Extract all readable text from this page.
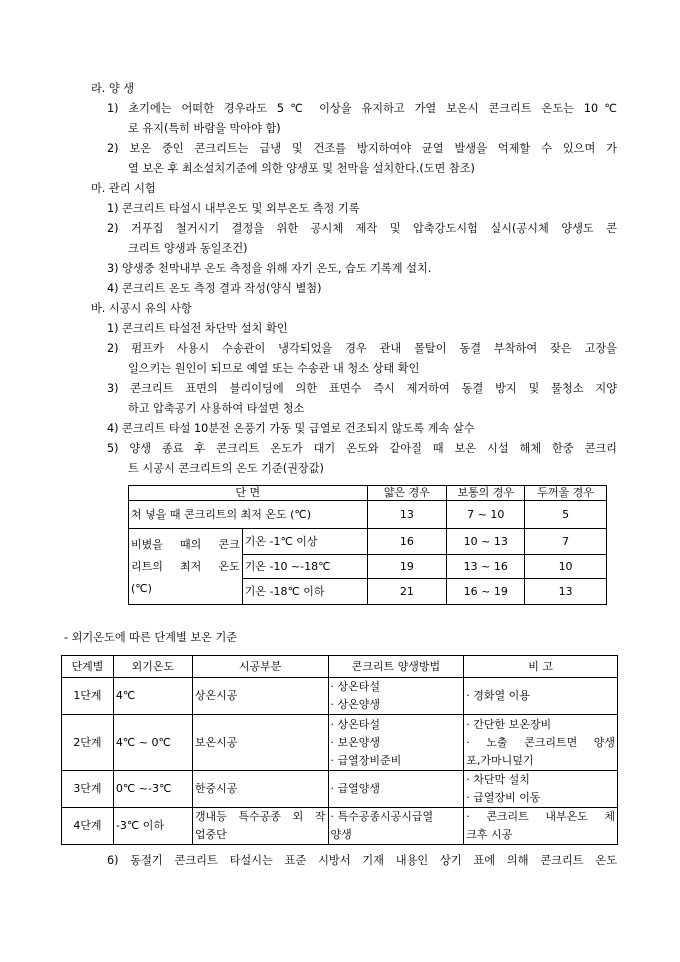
라. 양 생
1) 초기에는 어떠한 경우라도 5℃ 이상을 유지하고 가열 보온시 콘크리트 온도는 10℃
로 유지(특히 바람을 막아야 함)
2) 보온 중인 콘크리트는 급냉 및 건조를 방지하여야 균열 발생을 억제할 수 있으며 가
열 보온 후 최소설치기준에 의한 양생포 및 천막을 설치한다.(도면 참조)
마. 관리 시험
1) 콘크리트 타설시 내부온도 및 외부온도 측정 기록
2) 거푸집 철거시기 결정을 위한 공시체 제작 및 압축강도시험 실시(공시체 양생도 콘
크리트 양생과 동일조건)
3) 양생중 천막내부 온도 측정을 위해 자기 온도, 습도 기록계 설치.
4) 콘크리트 온도 측정 결과 작성(양식 별첨)
바. 시공시 유의 사항
1) 콘크리트 타설전 차단막 설치 확인
2) 펌프카 사용시 수송관이 냉각되었을 경우 관내 몰탈이 동결 부착하여 잦은 고장을
일으키는 원인이 되므로 예열 또는 수송관 내 청소 상태 확인
3) 콘크리트 표면의 블리이딩에 의한 표면수 즉시 제거하여 동결 방지 및 물청소 지양
하고 압축공기 사용하여 타설면 청소
4) 콘크리트 타설 10분전 온풍기 가동 및 급열로 건조되지 않도록 계속 살수
5) 양생 종료 후 콘크리트 온도가 대기 온도와 같아질 때 보온 시설 해체 한중 콘크리
트 시공시 콘크리트의 온도 기준(권장값)
단 면		얇은 경우	보통의 경우	두꺼울 경우
쳐 넣을 때 콘크리트의 최저 온도 (℃)		13	7 ~ 10	5

비볐을 때의 콘크
리트의 최저 온도
(℃)	기온 -1℃ 이상	16	10 ~ 13	7
	기온 -10 ~-18℃	19	13 ~ 16	10
	기온 -18℃ 이하	21	16 ~ 19	13
- 외기온도에 따른 단계별 보온 기준
단계별	외기온도	시공부분	콘크리트 양생방법	비 고
1단계	4℃	상온시공	· 상온타설
· 상온양생	· 경화열 이용

2단계	4℃ ~ 0℃	보온시공	· 상온타설
· 보온양생
· 급열장비준비	· 간단한 보온장비
· 노출 콘크리트면 양생
포,가마니덮기

3단계	0℃ ~-3℃	한중시공	· 급열양생	· 차단막 설치
· 급열장비 이동

4단계	-3℃ 이하	갱내등 특수공종 외 작
업중단	· 특수공종시공시급열
양생	· 콘크리트 내부온도 체
크후 시공
6) 동절기 콘크리트 타설시는 표준 시방서 기재 내용인 상기 표에 의해 콘크리트 온도
